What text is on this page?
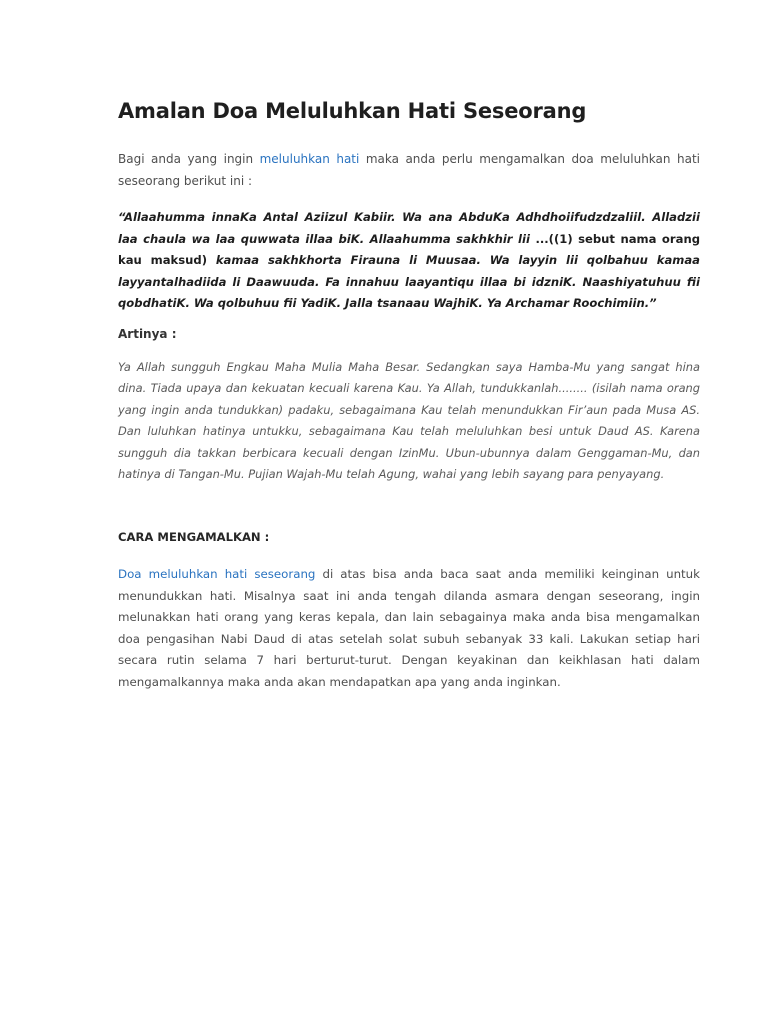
Amalan Doa Meluluhkan Hati Seseorang

Bagi anda yang ingin meluluhkan hati maka anda perlu mengamalkan doa meluluhkan hati seseorang berikut ini :

“Allaahumma innaKa Antal Aziizul Kabiir. Wa ana AbduKa Adhdhoiifudzdzaliil. Alladzii laa chaula wa laa quwwata illaa biK. Allaahumma sakhkhir lii ...((1) sebut nama orang kau maksud) kamaa sakhkhorta Firauna li Muusaa. Wa layyin lii qolbahuu kamaa layyantalhadiida li Daawuuda. Fa innahuu laayantiqu illaa bi idzniK. Naashiyatuhuu fii qobdhatiK. Wa qolbuhuu fii YadiK. Jalla tsanaau WajhiK. Ya Archamar Roochimiin.”

Artinya :

Ya Allah sungguh Engkau Maha Mulia Maha Besar. Sedangkan saya Hamba-Mu yang sangat hina dina. Tiada upaya dan kekuatan kecuali karena Kau. Ya Allah, tundukkanlah........ (isilah nama orang yang ingin anda tundukkan) padaku, sebagaimana Kau telah menundukkan Fir’aun pada Musa AS. Dan luluhkan hatinya untukku, sebagaimana Kau telah meluluhkan besi untuk Daud AS. Karena sungguh dia takkan berbicara kecuali dengan IzinMu. Ubun-ubunnya dalam Genggaman-Mu, dan hatinya di Tangan-Mu. Pujian Wajah-Mu telah Agung, wahai yang lebih sayang para penyayang.

CARA MENGAMALKAN :

Doa meluluhkan hati seseorang di atas bisa anda baca saat anda memiliki keinginan untuk menundukkan hati. Misalnya saat ini anda tengah dilanda asmara dengan seseorang, ingin melunakkan hati orang yang keras kepala, dan lain sebagainya maka anda bisa mengamalkan doa pengasihan Nabi Daud di atas setelah solat subuh sebanyak 33 kali. Lakukan setiap hari secara rutin selama 7 hari berturut-turut. Dengan keyakinan dan keikhlasan hati dalam mengamalkannya maka anda akan mendapatkan apa yang anda inginkan.
